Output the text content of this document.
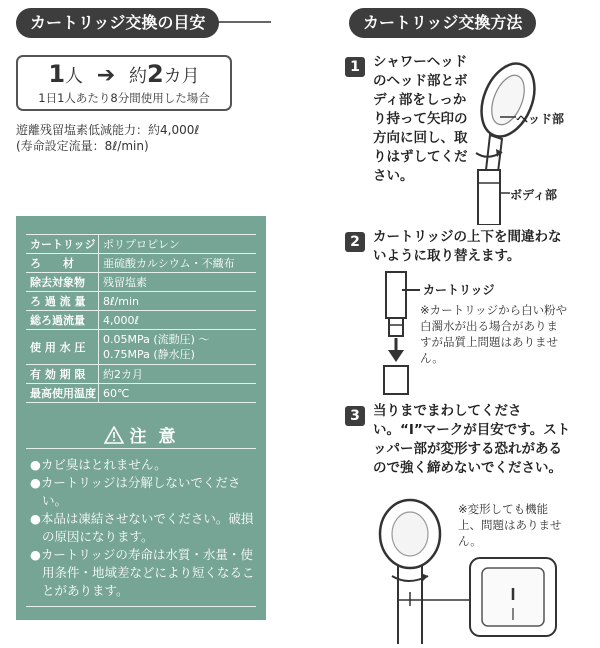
カートリッジ交換の目安
1人 ➔ 約2カ月
1日1人あたり8分間使用した場合
遊離残留塩素低減能力：約4,000ℓ
(寿命設定流量：8ℓ/min)
カートリッジ	ポリプロピレン
ろ　　材	亜硫酸カルシウム・不織布
除去対象物	残留塩素
ろ 過 流 量	8ℓ/min
総ろ過流量	4,000ℓ
使 用 水 圧	0.05MPa (流動圧) ～ 0.75MPa (静水圧)
有 効 期 限	約2カ月
最高使用温度	60℃
注 意
●カビ臭はとれません。
●カートリッジは分解しないでください。
●本品は凍結させないでください。破損の原因になります。
●カートリッジの寿命は水質・水量・使用条件・地域差などにより短くなることがあります。
カートリッジ交換方法
1 シャワーヘッドのヘッド部とボディ部をしっかり持って矢印の方向に回し、取りはずしてください。
ヘッド部
ボディ部
2 カートリッジの上下を間違わないように取り替えます。
カートリッジ
※カートリッジから白い粉や白濁水が出る場合がありますが品質上問題はありません。
3 当りまでまわしてください。“I”マークが目安です。ストッパー部が変形する恐れがあるので強く締めないでください。
※変形しても機能上、問題はありません。
